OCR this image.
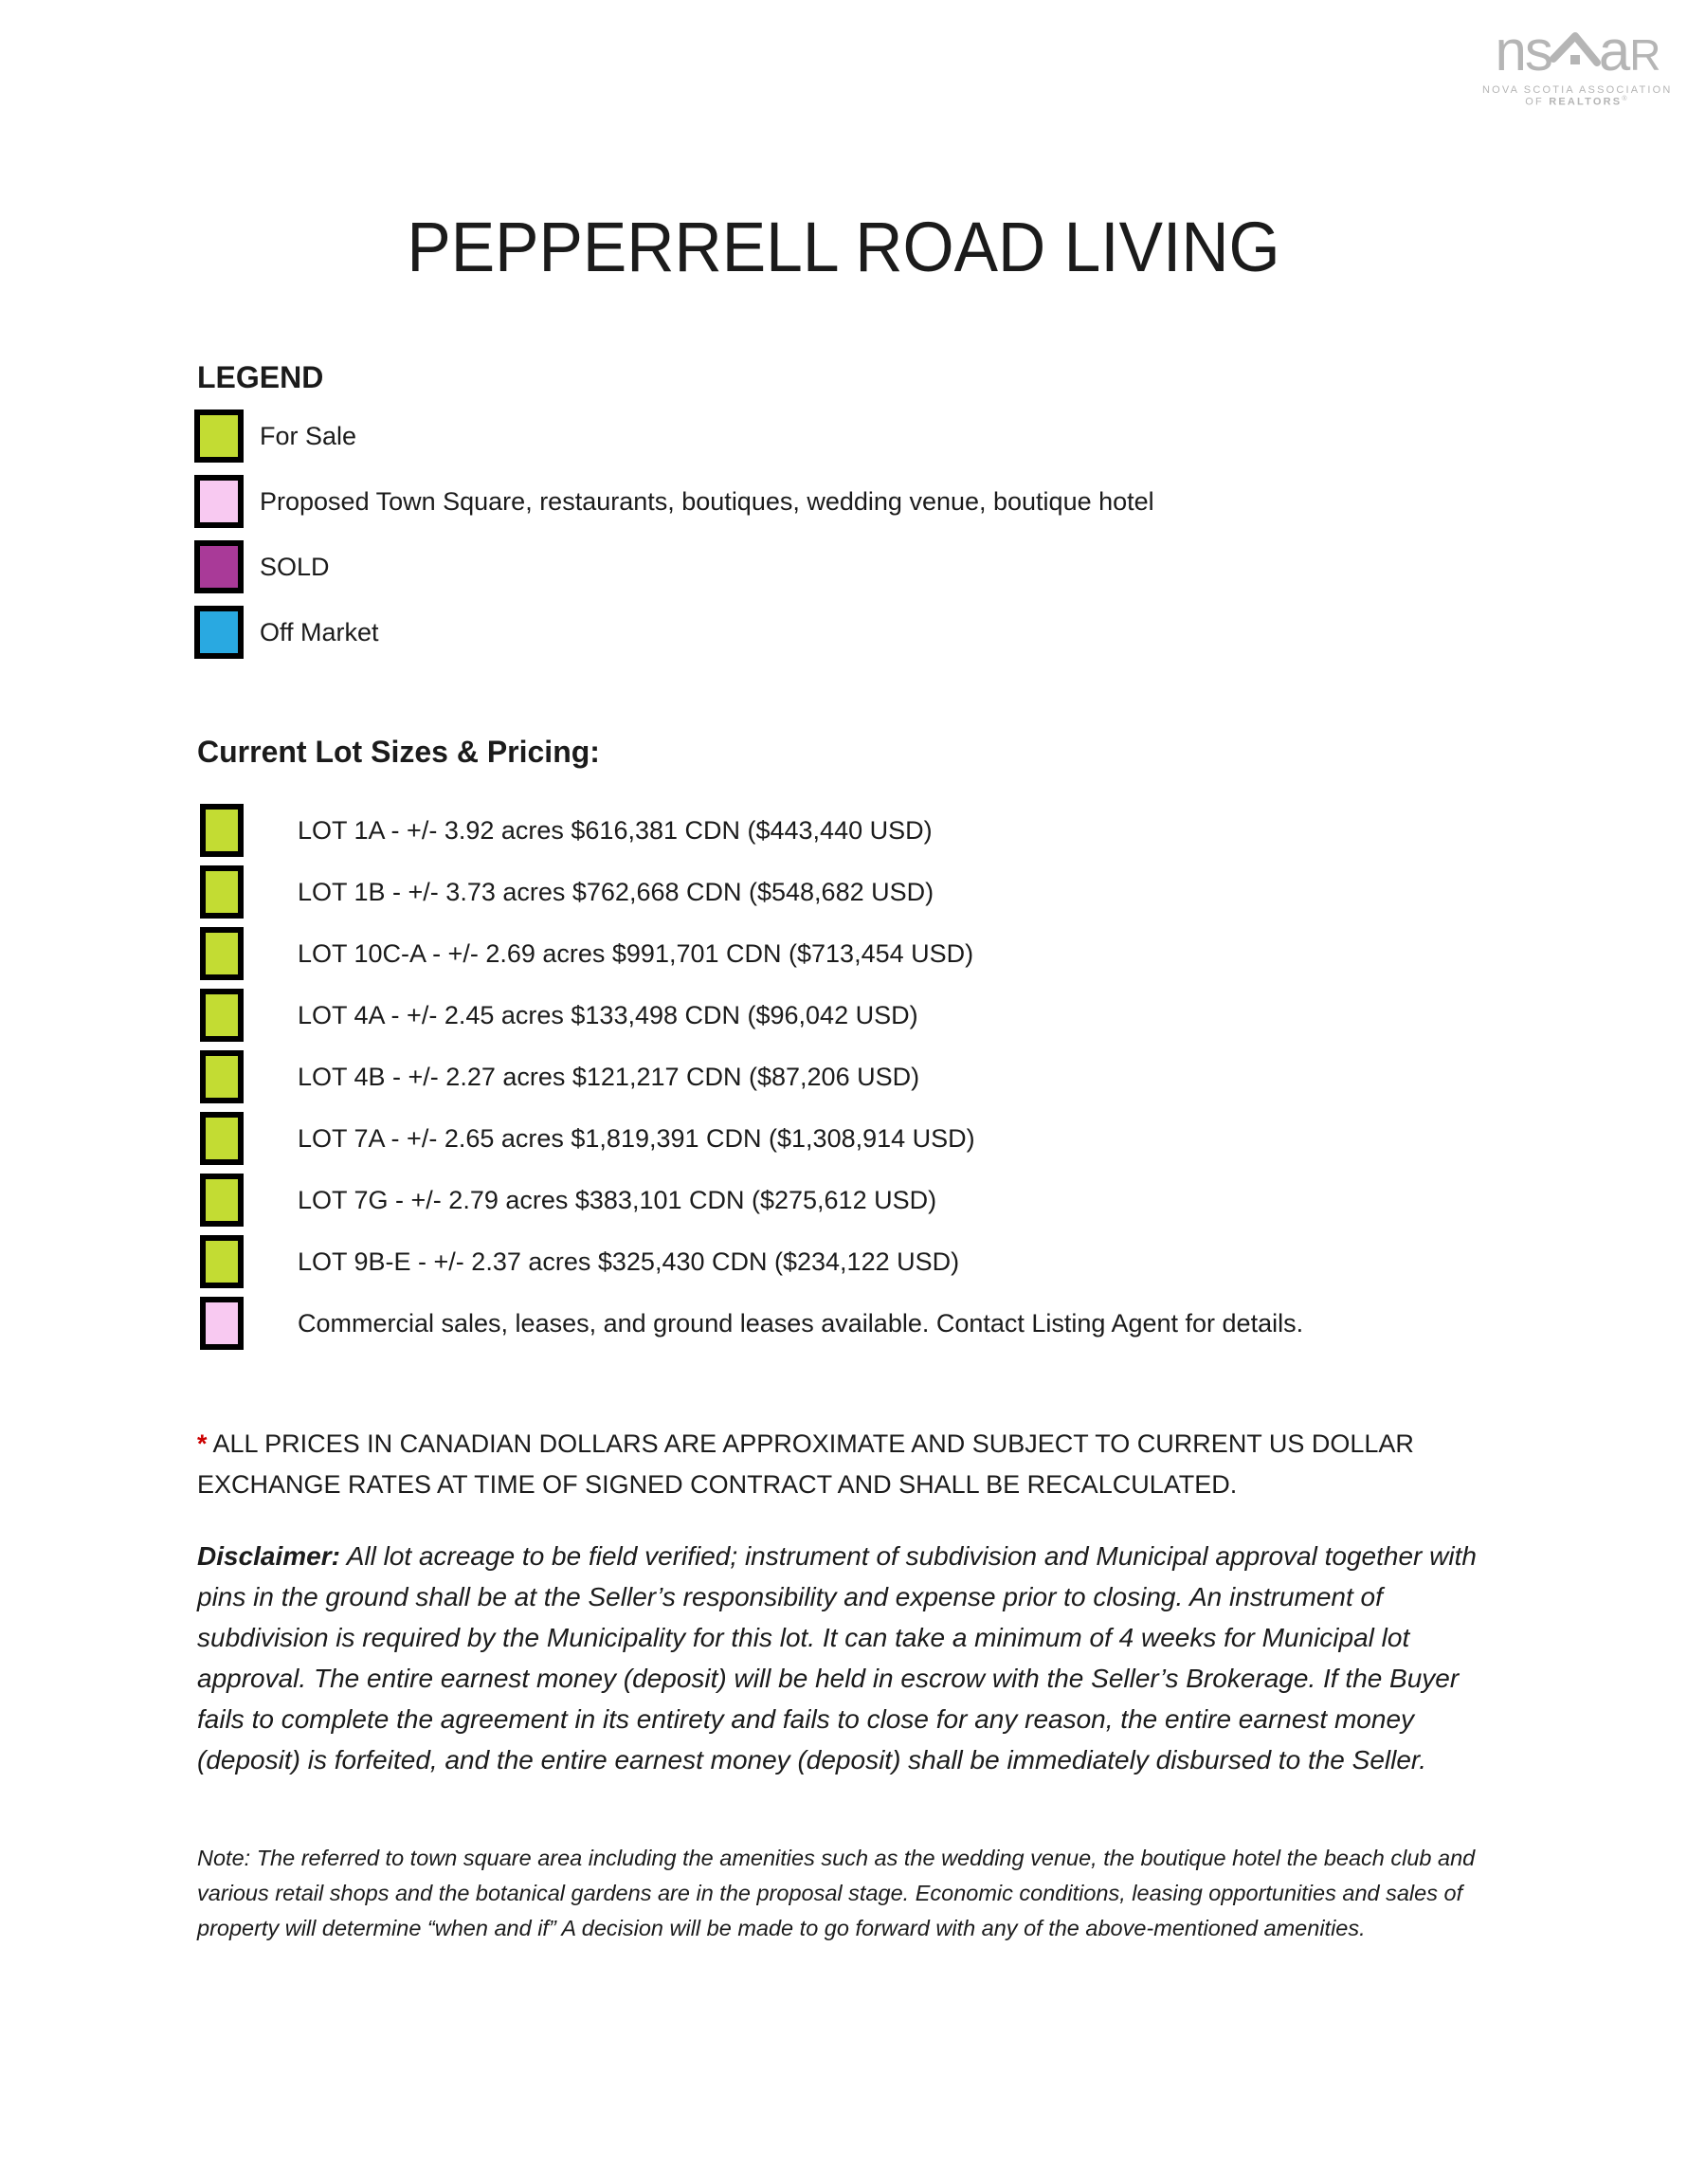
ns a R
NOVA SCOTIA ASSOCIATION
OF REALTORS®
PEPPERRELL ROAD LIVING
LEGEND
For Sale
Proposed Town Square, restaurants, boutiques, wedding venue, boutique hotel
SOLD
Off Market
Current Lot Sizes & Pricing:
LOT 1A - +/- 3.92 acres $616,381 CDN ($443,440 USD)
LOT 1B - +/- 3.73 acres $762,668 CDN ($548,682 USD)
LOT 10C-A - +/- 2.69 acres $991,701 CDN ($713,454 USD)
LOT 4A - +/- 2.45 acres $133,498 CDN ($96,042 USD)
LOT 4B - +/- 2.27 acres $121,217 CDN ($87,206 USD)
LOT 7A - +/- 2.65 acres $1,819,391 CDN ($1,308,914 USD)
LOT 7G - +/- 2.79 acres $383,101 CDN ($275,612 USD)
LOT 9B-E - +/- 2.37 acres $325,430 CDN ($234,122 USD)
Commercial sales, leases, and ground leases available. Contact Listing Agent for details.
* ALL PRICES IN CANADIAN DOLLARS ARE APPROXIMATE AND SUBJECT TO CURRENT US DOLLAR EXCHANGE RATES AT TIME OF SIGNED CONTRACT AND SHALL BE RECALCULATED.
Disclaimer: All lot acreage to be field verified; instrument of subdivision and Municipal approval together with pins in the ground shall be at the Seller’s responsibility and expense prior to closing. An instrument of subdivision is required by the Municipality for this lot. It can take a minimum of 4 weeks for Municipal lot approval. The entire earnest money (deposit) will be held in escrow with the Seller’s Brokerage. If the Buyer fails to complete the agreement in its entirety and fails to close for any reason, the entire earnest money (deposit) is forfeited, and the entire earnest money (deposit) shall be immediately disbursed to the Seller.
Note: The referred to town square area including the amenities such as the wedding venue, the boutique hotel the beach club and various retail shops and the botanical gardens are in the proposal stage. Economic conditions, leasing opportunities and sales of property will determine “when and if” A decision will be made to go forward with any of the above-mentioned amenities.
